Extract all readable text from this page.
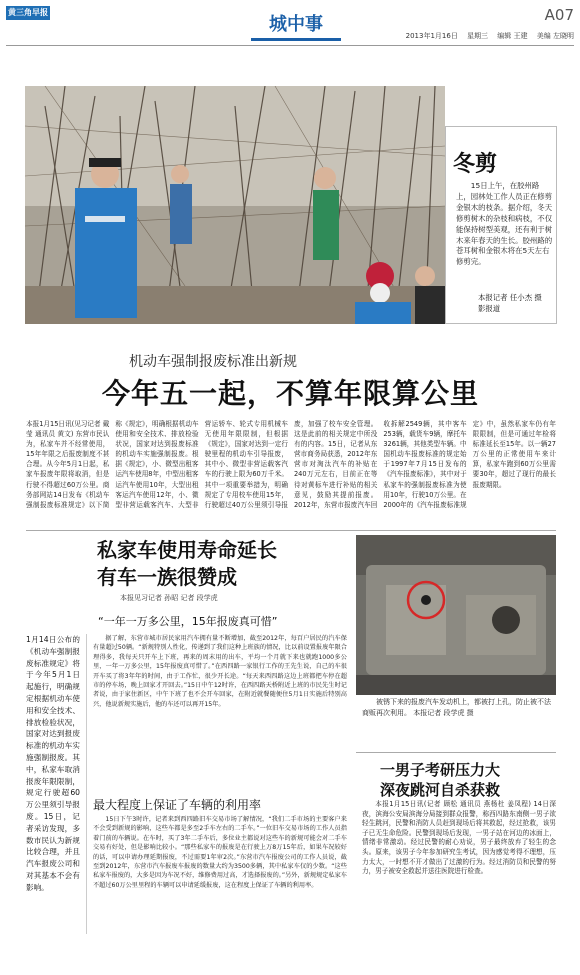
黄三角早报
城中事	A07
2013年1月16日 星期三 编辑 王建 美编 左晓明
冬剪
15日上午，在胶州路上，园林处工作人员正在修剪金银木的枝条。据介绍，冬天修剪树木的杂枝和病枝，不仅能保持树型美观，还有利于树木来年春天的生长。胶州路的苍耳树和金银木将在5天左右修剪完。
本报记者 任小杰 摄影报道
机动车强制报废标准出新规
今年五一起，不算年限算公里
本报1月15日讯(见习记者 戴莹 通讯员 黄文) 东营市民认为，私家车并不经常使用，15年年限之后报废制度不甚合理。从今年5月1日起，私家车报废年限将取消，但是行驶不得超过60万公里。商务部网站14日发布《机动车强制报废标准规定》以下简称《规定》，明确根据机动车使用和安全技术、排放检验状况，国家对达到报废标准的机动车实施强制报废。根据《规定》，小、微型出租客运汽车使用8年，中型出租客运汽车使用10年，大型出租客运汽车使用12年，小、微型非营运载客汽车、大型非营运轿车、轮式专用机械车无使用年限限制，但根据《规定》，国家对达到一定行驶里程的机动车引导报废，其中小、微型非营运载客汽车的行驶上限为60万千米。其中一项重要举措为，明确规定了专用校车使用15年，行驶超过40万公里须引导报废，加强了校车安全管理。这是此前的相关规定中所没有的内容。15日，记者从东营市商务局获悉，2012年东营市对淘汰汽车的补贴在240万元左右，目前正在等待对黄标车进行补贴的相关意见，鼓励其提前报废。2012年，东营市报废汽车回收拆解2549辆，其中客车253辆，载货车9辆，摩托车3261辆，其他类型车辆。中国机动车报废标准的规定始于1997年7月15日发布的《汽车报废标准》，其中对于私家车的强制报废标准为使用10年，行驶10万公里。在2000年的《汽车报废标准规定》中，虽然私家车仍有年限限制，但是可通过年检将标准延长至15年。以一辆27万公里的正常使用车来计算，私家车跑到60万公里需要30年，超过了现行的最长报废期限。
私家车使用寿命延长
有车一族很赞成
本报见习记者 孙昭 记者 段学虎
“一年一万多公里，15年报废真可惜”
1月14日公布的《机动车强制报废标准规定》将于今年5月1日起施行，明确规定根据机动车使用和安全技术、排放检验状况，国家对达到报废标准的机动车实施强制报废。其中，私家车取消报废年限限制，规定行驶超60万公里须引导报废。15日，记者采访发现，多数市民认为新规比较合理，并且汽车报废公司和对其基本不会有影响。
据了解，东营市城市居民家用汽车拥有量不断增加，截至2012年，每百户居民的汽车保有量超过50辆。“新规特别人性化，传递到了我们这种上班族的情况，比以前设置报废年限合理得多，我每天只开车上下班，再来的周末用的出车，平均一个月就下来也就跑1000多公里，一年一万多公里，15年报废真可惜了。”在西四路一家银行工作的王先生说，自己的车很开车买了将3年年的时间，由于工作忙，很少开长途。“每天来西四路这边上班都把车停在超市的停车场，晚上回家才开回去。”15日中午12时许，在西四路天桥附近上班的市民先生时记者说，由于家住新区，中午下班了也不会开车回家，在附近就餐随便住5月1日实施后特别高兴，他说新规实施后，他的车还可以再开15年。
最大程度上保证了车辆的利用率
15日下午3时许，记者来到西四路旧车交易市场了解情况，“我们二手市场的主要客户来不会受到新规的影响，这些车都是多至2手车左右的二手车。”一位旧车交易市场的工作人员指着门前的车辆说。在车时，买了3年二手车后，多位业主都说对这些车的新规可能会对二手车交易有好处，但是影响比较小。“那些私家车的报废是在行驶上万8万15年后，如果车况较好的话，可以申请办理延期报废，不过需要1年审2次。”东营市汽车报废公司的工作人员说，截至到2012年，东营市汽车报废车报废的数量大约为3500多辆，其中私家车仅的少数。“这些私家车报废的，大多是因为车况不好，维修费用过高，才选择报废的。”另外，新规规定私家车不超过60万公里里程的车辆可以申请延缓报废，这在程度上保证了车辆的利用率。
被锈下来的报废汽车发动机上，都被打上孔，防止被不法商贩再次利用。 本报记者 段学虎 摄
一男子考研压力大
深夜跳河自杀获救
本报1月15日讯(记者 顾松 通讯员 燕杨杜 姜凤程) 14日深夜，滨海公安局滨海分局接到群众报警，称西四路东南侧一男子欲轻生跳河，民警和消防人员赶到现场后将其救起，经过抢救，该男子已无生命危险。民警到现场后发现，一男子站在河边的冰面上，情绪非常激动。经过民警的耐心劝说，男子最终放弃了轻生的念头。原来，该男子今年参加研究生考试，因为感觉考得不理想，压力太大，一时想不开才做出了过激的行为。经过消防员和民警的努力，男子被安全救起并送往医院进行检查。
